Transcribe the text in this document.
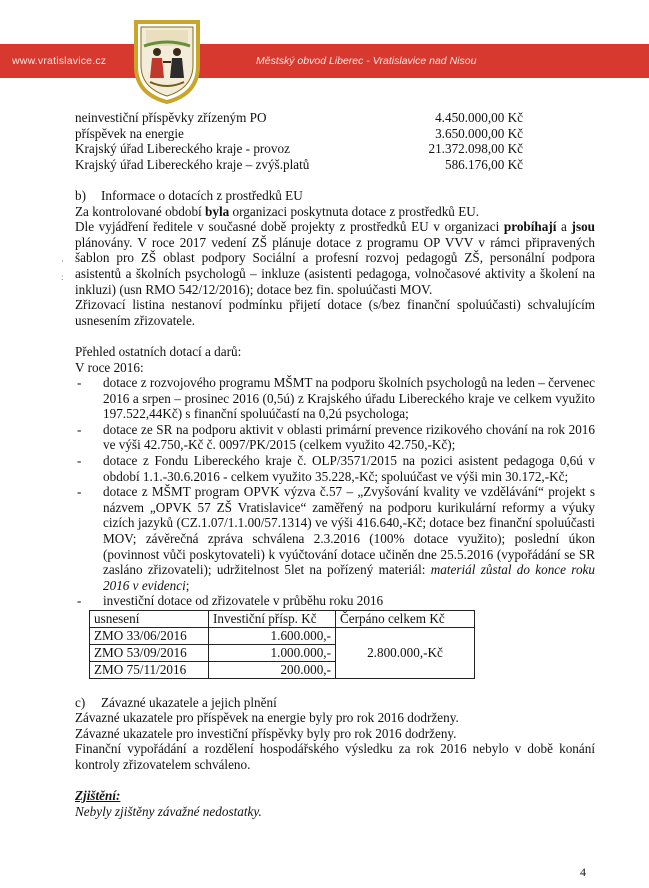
www.vratislavice.cz	Městský obvod Liberec - Vratislavice nad Nisou
·
:
neinvestiční příspěvky zřízeným PO	4.450.000,00 Kč
příspěvek na energie	3.650.000,00 Kč
Krajský úřad Libereckého kraje - provoz	21.372.098,00 Kč
Krajský úřad Libereckého kraje – zvýš.platů	586.176,00 Kč
b) Informace o dotacích z prostředků EU

Za kontrolované období byla organizaci poskytnuta dotace z prostředků EU.

Dle vyjádření ředitele v současné době projekty z prostředků EU v organizaci probíhají a jsou plánovány. V roce 2017 vedení ZŠ plánuje dotace z programu OP VVV v rámci připravených šablon pro ZŠ oblast podpory Sociální a profesní rozvoj pedagogů ZŠ, personální podpora asistentů a školních psychologů – inkluze (asistenti pedagoga, volnočasové aktivity a školení na inkluzi) (usn RMO 542/12/2016); dotace bez fin. spoluúčasti MOV.

Zřizovací listina nestanoví podmínku přijetí dotace (s/bez finanční spoluúčasti) schvalujícím usnesením zřizovatele.

Přehled ostatních dotací a darů:

V roce 2016:

- dotace z rozvojového programu MŠMT na podporu školních psychologů na leden – červenec 2016 a srpen – prosinec 2016 (0,5ú) z Krajského úřadu Libereckého kraje ve celkem využito 197.522,44Kč) s finanční spoluúčastí na 0,2ú psychologa;
- dotace ze SR na podporu aktivit v oblasti primární prevence rizikového chování na rok 2016 ve výši 42.750,-Kč č. 0097/PK/2015 (celkem využito 42.750,-Kč);
- dotace z Fondu Libereckého kraje č. OLP/3571/2015 na pozici asistent pedagoga 0,6ú v období 1.1.-30.6.2016 - celkem využito 35.228,-Kč; spoluúčast ve výši min 30.172,-Kč;
- dotace z MŠMT program OPVK výzva č.57 – „Zvyšování kvality ve vzdělávání“ projekt s názvem „OPVK 57 ZŠ Vratislavice“ zaměřený na podporu kurikulární reformy a výuky cizích jazyků (CZ.1.07/1.1.00/57.1314) ve výši 416.640,-Kč; dotace bez finanční spoluúčasti MOV; závěrečná zpráva schválena 2.3.2016 (100% dotace využito); poslední úkon (povinnost vůči poskytovateli) k vyúčtování dotace učiněn dne 25.5.2016 (vypořádání se SR zasláno zřizovateli); udržitelnost 5let na pořízený materiál: materiál zůstal do konce roku 2016 v evidenci;
- investiční dotace od zřizovatele v průběhu roku 2016
usnesení	Investiční přísp. Kč	Čerpáno celkem Kč
ZMO 33/06/2016	1.600.000,-	2.800.000,-Kč
ZMO 53/09/2016	1.000.000,-	
ZMO 75/11/2016	200.000,-	
c) Závazné ukazatele a jejich plnění

Závazné ukazatele pro příspěvek na energie byly pro rok 2016 dodrženy.

Závazné ukazatele pro investiční příspěvky byly pro rok 2016 dodrženy.

Finanční vypořádání a rozdělení hospodářského výsledku za rok 2016 nebylo v době konání kontroly zřizovatelem schváleno.

Zjištění:

Nebyly zjištěny závažné nedostatky.

4
